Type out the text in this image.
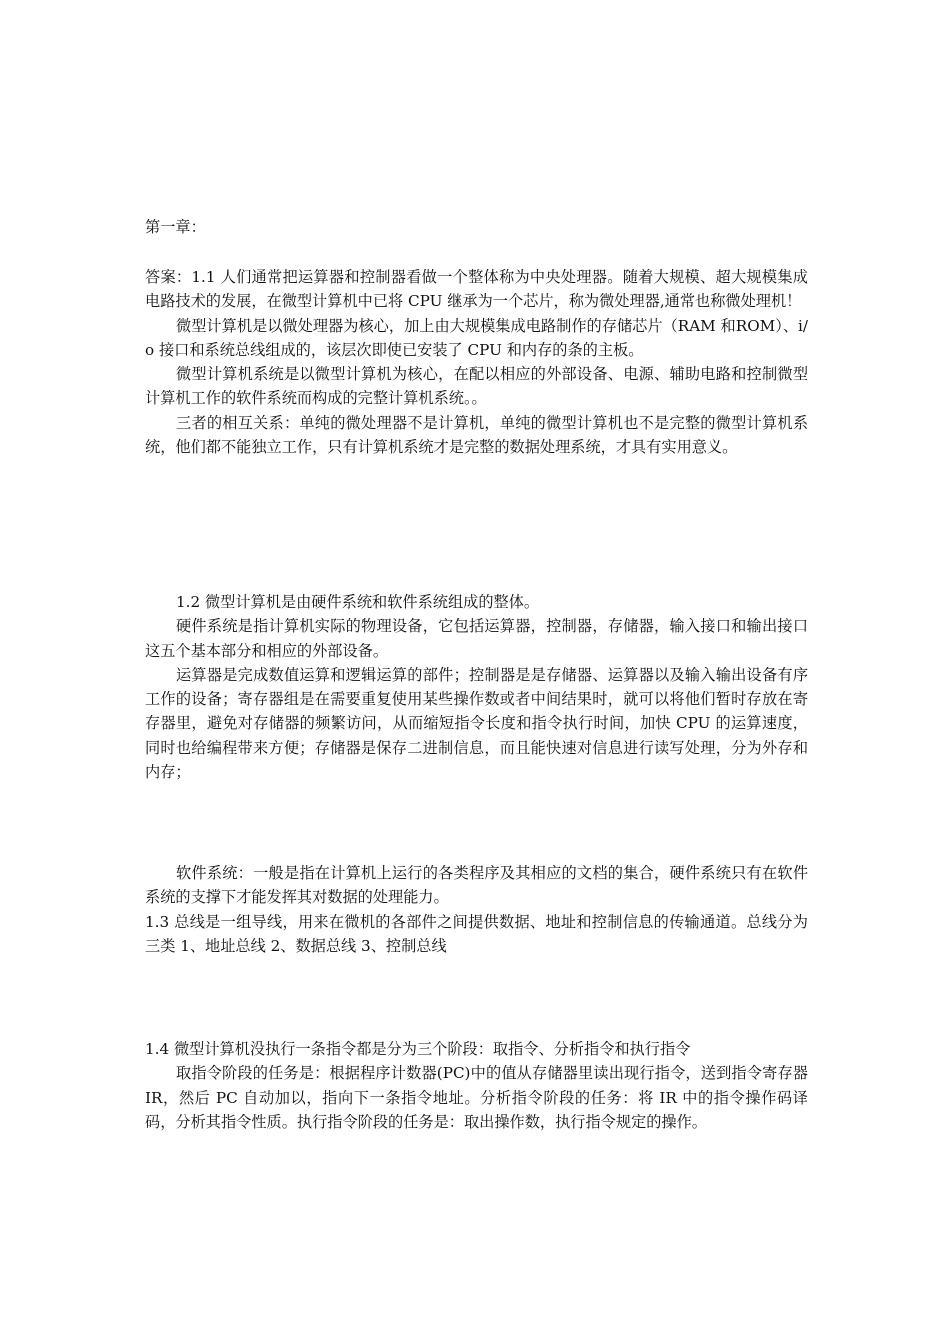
第一章：

答案：1.1 人们通常把运算器和控制器看做一个整体称为中央处理器。随着大规模、超大规模集成电路技术的发展，在微型计算机中已将 CPU 继承为一个芯片，称为微处理器,通常也称微处理机！

微型计算机是以微处理器为核心，加上由大规模集成电路制作的存储芯片（RAM 和ROM）、i/o 接口和系统总线组成的，该层次即使已安装了 CPU 和内存的条的主板。

微型计算机系统是以微型计算机为核心，在配以相应的外部设备、电源、辅助电路和控制微型计算机工作的软件系统而构成的完整计算机系统。。

三者的相互关系：单纯的微处理器不是计算机，单纯的微型计算机也不是完整的微型计算机系统，他们都不能独立工作，只有计算机系统才是完整的数据处理系统，才具有实用意义。

1.2 微型计算机是由硬件系统和软件系统组成的整体。

硬件系统是指计算机实际的物理设备，它包括运算器，控制器，存储器，输入接口和输出接口这五个基本部分和相应的外部设备。

运算器是完成数值运算和逻辑运算的部件；控制器是是存储器、运算器以及输入输出设备有序工作的设备；寄存器组是在需要重复使用某些操作数或者中间结果时，就可以将他们暂时存放在寄存器里，避免对存储器的频繁访问，从而缩短指令长度和指令执行时间，加快 CPU 的运算速度，同时也给编程带来方便；存储器是保存二进制信息，而且能快速对信息进行读写处理，分为外存和内存；

软件系统：一般是指在计算机上运行的各类程序及其相应的文档的集合，硬件系统只有在软件系统的支撑下才能发挥其对数据的处理能力。

1.3 总线是一组导线，用来在微机的各部件之间提供数据、地址和控制信息的传输通道。总线分为三类 1、地址总线 2、数据总线 3、控制总线

1.4 微型计算机没执行一条指令都是分为三个阶段：取指令、分析指令和执行指令

取指令阶段的任务是：根据程序计数器(PC)中的值从存储器里读出现行指令，送到指令寄存器 IR，然后 PC 自动加以，指向下一条指令地址。分析指令阶段的任务：将 IR 中的指令操作码译码，分析其指令性质。执行指令阶段的任务是：取出操作数，执行指令规定的操作。
